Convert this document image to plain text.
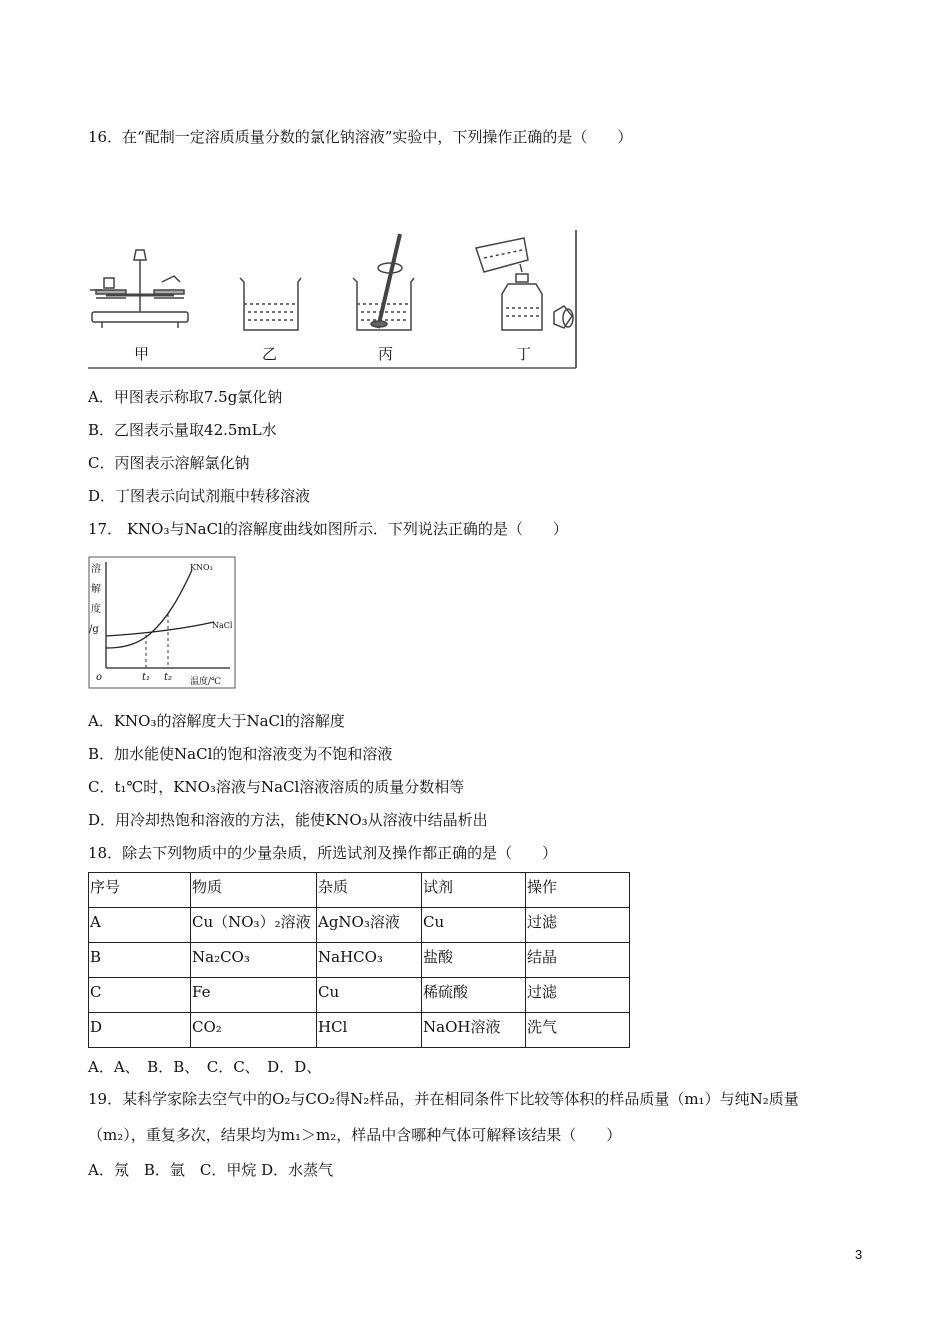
16．在“配制一定溶质质量分数的氯化钠溶液”实验中，下列操作正确的是（　　）
甲	乙	丙	丁
A．甲图表示称取7.5g氯化钠
B．乙图表示量取42.5mL水
C．丙图表示溶解氯化钠
D．丁图表示向试剂瓶中转移溶液
17． KNO₃与NaCl的溶解度曲线如图所示．下列说法正确的是（　　）
溶
解
度
/g
KNO₃
NaCl
o	t₁ t₂ 温度/℃
A．KNO₃的溶解度大于NaCl的溶解度
B．加水能使NaCl的饱和溶液变为不饱和溶液
C．t₁℃时，KNO₃溶液与NaCl溶液溶质的质量分数相等
D．用冷却热饱和溶液的方法，能使KNO₃从溶液中结晶析出
18．除去下列物质中的少量杂质，所选试剂及操作都正确的是（　　）
序号	物质	杂质	试剂	操作
A	Cu（NO₃）₂溶液	AgNO₃溶液	Cu	过滤
B	Na₂CO₃	NaHCO₃	盐酸	结晶
C	Fe	Cu	稀硫酸	过滤
D	CO₂	HCl	NaOH溶液	洗气
A．A、　B．B、　C．C、　D．D、
19．某科学家除去空气中的O₂与CO₂得N₂样品，并在相同条件下比较等体积的样品质量（m₁）与纯N₂质量
（m₂），重复多次，结果均为m₁＞m₂，样品中含哪种气体可解释该结果（　　）
A．氖　B．氩　C．甲烷 D．水蒸气
3
